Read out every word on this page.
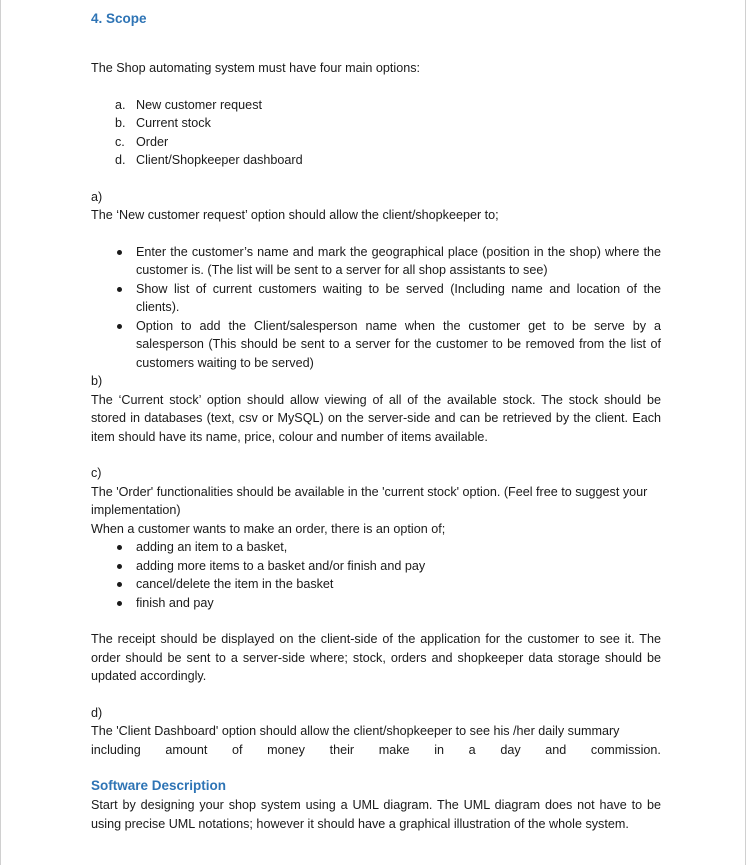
4. Scope

The Shop automating system must have four main options:

a. New customer request
b. Current stock
c. Order
d. Client/Shopkeeper dashboard

a)

The ‘New customer request’ option should allow the client/shopkeeper to;

Enter the customer’s name and mark the geographical place (position in the shop) where the customer is. (The list will be sent to a server for all shop assistants to see)
Show list of current customers waiting to be served (Including name and location of the clients).
Option to add the Client/salesperson name when the customer get to be serve by a salesperson (This should be sent to a server for the customer to be removed from the list of customers waiting to be served)

b)

The ‘Current stock’ option should allow viewing of all of the available stock. The stock should be stored in databases (text, csv or MySQL) on the server-side and can be retrieved by the client. Each item should have its name, price, colour and number of items available.

c)

The 'Order' functionalities should be available in the 'current stock' option. (Feel free to suggest your implementation)

When a customer wants to make an order, there is an option of;

adding an item to a basket,
adding more items to a basket and/or finish and pay
cancel/delete the item in the basket
finish and pay

The receipt should be displayed on the client-side of the application for the customer to see it. The order should be sent to a server-side where; stock, orders and shopkeeper data storage should be updated accordingly.

d)

The 'Client Dashboard' option should allow the client/shopkeeper to see his /her daily summary

including amount of money their make in a day and commission.
Software Description

Start by designing your shop system using a UML diagram. The UML diagram does not have to be using precise UML notations; however it should have a graphical illustration of the whole system.
